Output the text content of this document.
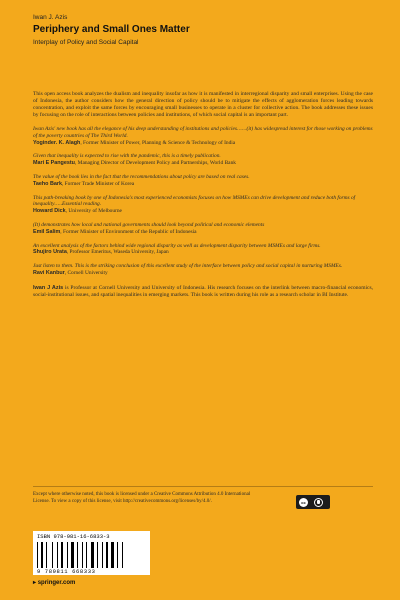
Iwan J. Azis
Periphery and Small Ones Matter
Interplay of Policy and Social Capital

This open access book analyzes the dualism and inequality insofar as how it is manifested in interregional disparity and small enterprises. Using the case of Indonesia, the author considers how the general direction of policy should be to mitigate the effects of agglomeration forces leading towards concentration, and exploit the same forces by encouraging small businesses to operate in a cluster for collective action. The book addresses these issues by focusing on the role of interactions between policies and institutions, of which social capital is an important part.

Iwan Azis' new book has all the elegance of his deep understanding of institutions and policies……(it) has widespread interest for those working on problems of the poverty countries of The Third World.

Yoginder. K. Alagh, Former Minister of Power, Planning & Science & Technology of India

Given that inequality is expected to rise with the pandemic, this is a timely publication.

Mari E Pangestu, Managing Director of Development Policy and Partnerships, World Bank

The value of the book lies in the fact that the recommendations about policy are based on real cases.

Taeho Bark, Former Trade Minister of Korea

This path-breaking book by one of Indonesia's most experienced economists focuses on how MSMEs can drive development and reduce both forms of inequality…..Essential reading.

Howard Dick, University of Melbourne

(It) demonstrates how local and national governments should look beyond political and economic elements

Emil Salim, Former Minister of Environment of the Republic of Indonesia

An excellent analysis of the factors behind wide regional disparity as well as development disparity between MSMEs and large firms.

Shujiro Urata, Professor Emeritus, Waseda University, Japan

Just listen to them. This is the striking conclusion of this excellent study of the interface between policy and social capital in nurturing MSMEs.

Ravi Kanbur, Cornell University

Iwan J Azis is Professor at Cornell University and University of Indonesia. His research focuses on the interlink between macro-financial economics, social-institutional issues, and spatial inequalities in emerging markets. This book is written during his role as a research scholar in BI Institute.

Except where otherwise noted, this book is licensed under a Creative Commons Attribution 4.0 International License. To view a copy of this license, visit http://creativecommons.org/licenses/by/4.0/.	cc
ISBN 978-981-16-6833-3
9 789811 668333
▸ springer.com
